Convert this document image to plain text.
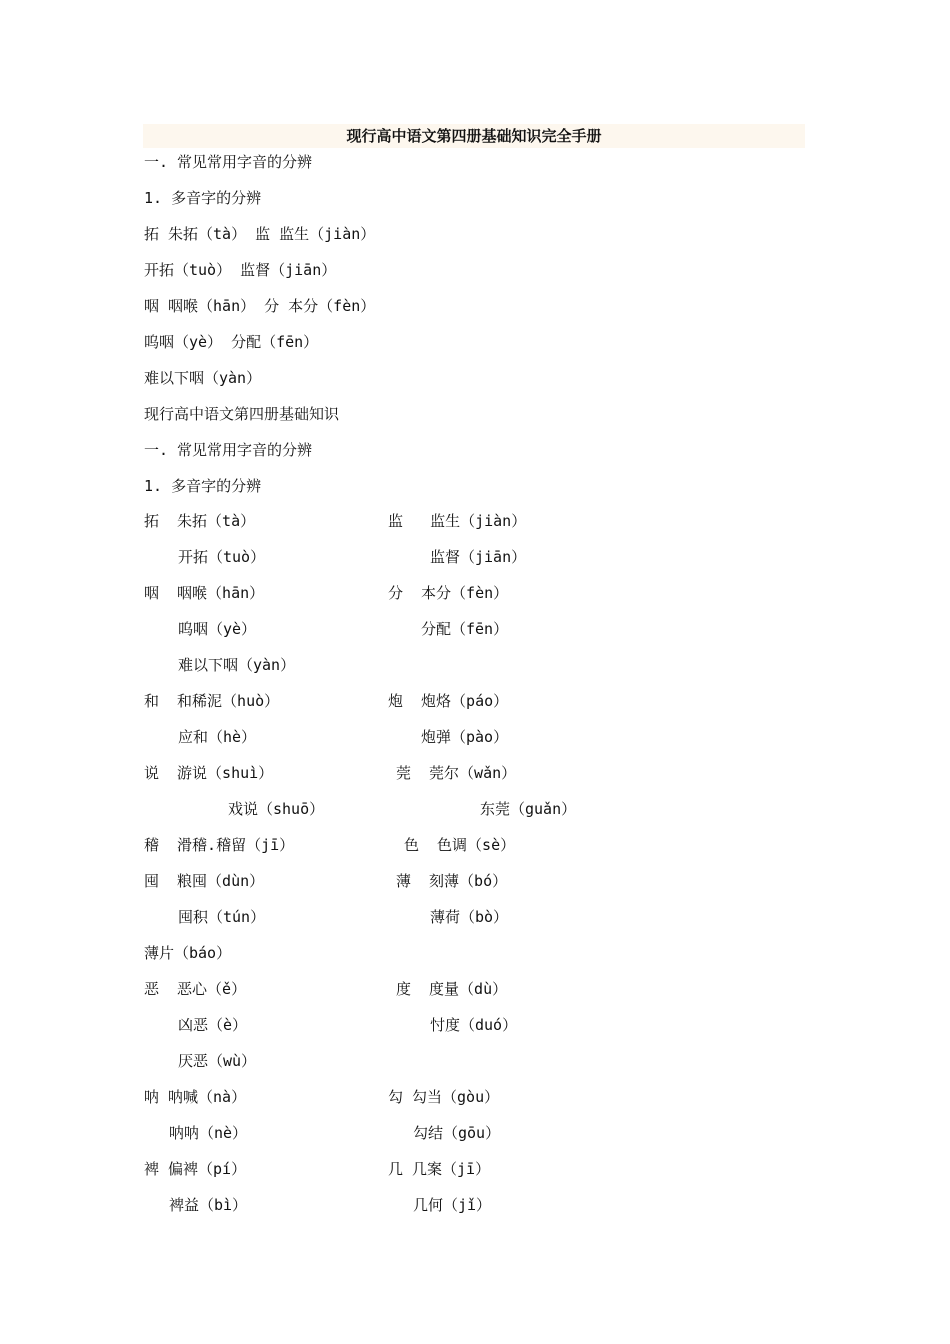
现行高中语文第四册基础知识完全手册
一. 常见常用字音的分辨
1. 多音字的分辨
拓 朱拓（tà） 监 监生（jiàn）
开拓（tuò） 监督（jiān）
咽 咽喉（hān） 分 本分（fèn）
呜咽（yè） 分配（fēn）
难以下咽（yàn）
现行高中语文第四册基础知识
一. 常见常用字音的分辨
1. 多音字的分辨
拓  朱拓（tà）
开拓（tuò）
咽  咽喉（hān）
呜咽（yè）
难以下咽（yàn）
和  和稀泥（huò）
应和（hè）
说  游说（shuì）
戏说（shuō）
稽  滑稽.稽留（jī）
囤  粮囤（dùn）
囤积（tún）
薄片（báo）
恶  恶心（ě）
凶恶（è）
厌恶（wù）
呐 呐喊（nà）
呐呐（nè）
裨 偏裨（pí）
裨益（bì）
监   监生（jiàn）
监督（jiān）
分  本分（fèn）
分配（fēn）
炮  炮烙（páo）
炮弹（pào）
莞  莞尔（wǎn）
东莞（guǎn）
色  色调（sè）
薄  刻薄（bó）
薄荷（bò）
度  度量（dù）
忖度（duó）
勾 勾当（gòu）
勾结（gōu）
几 几案（jī）
几何（jǐ）
